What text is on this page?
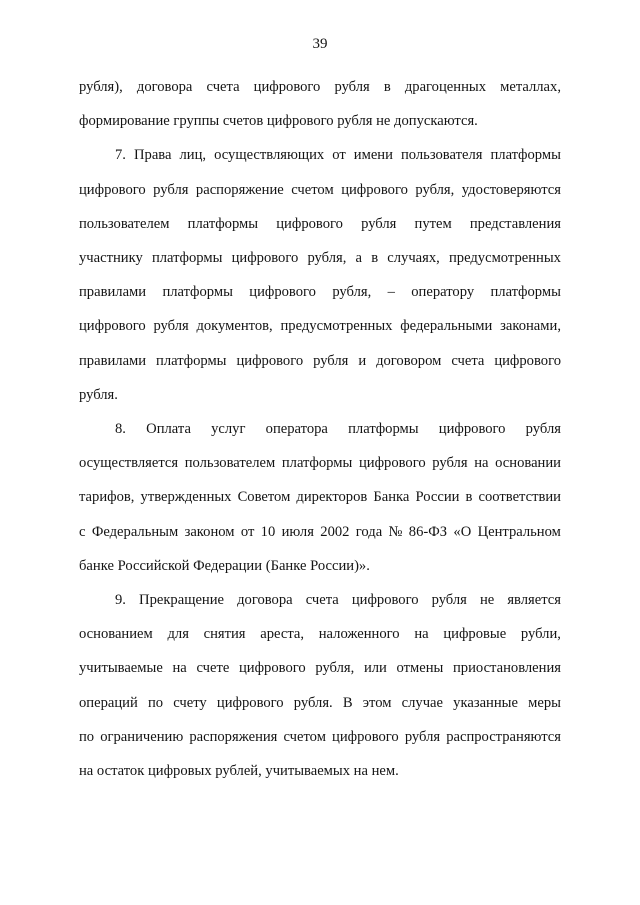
39
рубля), договора счета цифрового рубля в драгоценных металлах,
формирование группы счетов цифрового рубля не допускаются.
7. Права лиц, осуществляющих от имени пользователя платформы
цифрового рубля распоряжение счетом цифрового рубля, удостоверяются
пользователем платформы цифрового рубля путем представления
участнику платформы цифрового рубля, а в случаях, предусмотренных
правилами платформы цифрового рубля, – оператору платформы
цифрового рубля документов, предусмотренных федеральными законами,
правилами платформы цифрового рубля и договором счета цифрового
рубля.
8. Оплата услуг оператора платформы цифрового рубля
осуществляется пользователем платформы цифрового рубля на основании
тарифов, утвержденных Советом директоров Банка России в соответствии
с Федеральным законом от 10 июля 2002 года № 86-ФЗ «О Центральном
банке Российской Федерации (Банке России)».
9. Прекращение договора счета цифрового рубля не является
основанием для снятия ареста, наложенного на цифровые рубли,
учитываемые на счете цифрового рубля, или отмены приостановления
операций по счету цифрового рубля. В этом случае указанные меры
по ограничению распоряжения счетом цифрового рубля распространяются
на остаток цифровых рублей, учитываемых на нем.
